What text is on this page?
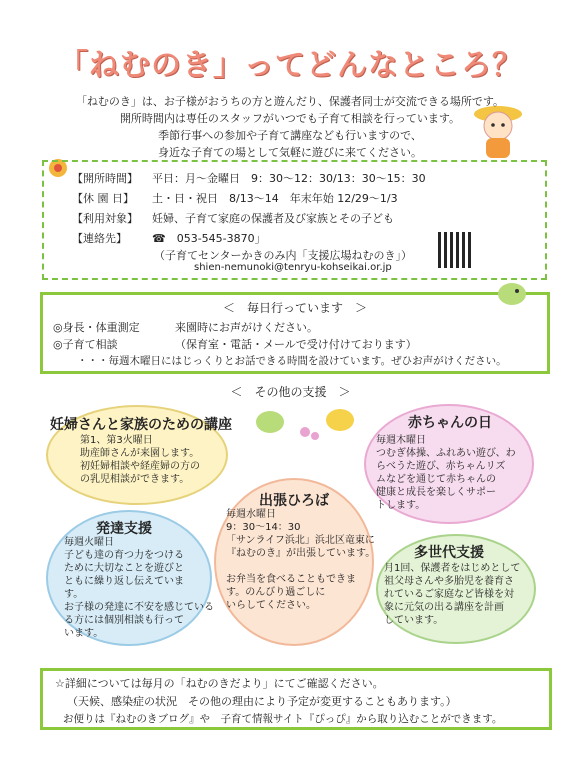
「ねむのき」ってどんなところ？
「ねむのき」は、お子様がおうちの方と遊んだり、保護者同士が交流できる場所です。
開所時間内は専任のスタッフがいつでも子育て相談を行っています。
季節行事への参加や子育て講座なども行いますので、
身近な子育ての場として気軽に遊びに来てください。
【開所時間】 平日：月～金曜日　9：30～12：30/13：30～15：30
【休 園 日】 土・日・祝日　8/13～14　年末年始 12/29～1/3
【利用対象】 妊婦、子育て家庭の保護者及び家族とその子ども
【連絡先】 ☎　053-545-3870」
（子育てセンターかきのみ内「支援広場ねむのき」）
shien-nemunoki@tenryu-kohseikai.or.jp
＜　毎日行っています　＞
◎身長・体重測定	来園時にお声がけください。
◎子育て相談	（保育室・電話・メールで受け付けております）
・・・毎週木曜日にはじっくりとお話できる時間を設けています。ぜひお声がけください。
＜　その他の支援　＞
妊婦さんと家族のための講座
第1、第3火曜日
助産師さんが来園します。
初妊婦相談や経産婦の方の
の乳児相談ができます。
赤ちゃんの日
毎週木曜日
つむぎ体操、ふれあい遊び、わ
らべうた遊び、赤ちゃんリズ
ムなどを通じて赤ちゃんの
健康と成長を楽しくサポー
トします。
出張ひろば
毎週水曜日
9：30～14：30
「サンライフ浜北」浜北区竜東に
『ねむのき』が出張しています。

お弁当を食べることもできま
す。のんびり過ごしに
いらしてください。
発達支援
毎週火曜日
子ども達の育つ力をつける
ために大切なことを遊びと
ともに繰り返し伝えていま
す。
お子様の発達に不安を感じている
る方には個別相談も行って
います。
多世代支援
月1回、保護者をはじめとして
祖父母さんや多胎児を養育さ
れているご家庭など皆様を対
象に元気の出る講座を計画
しています。
☆詳細については毎月の「ねむのきだより」にてご確認ください。
（天候、感染症の状況　その他の理由により予定が変更することもあります。）
お便りは『ねむのきブログ』や　子育て情報サイト『ぴっぴ』から取り込むことができます。
